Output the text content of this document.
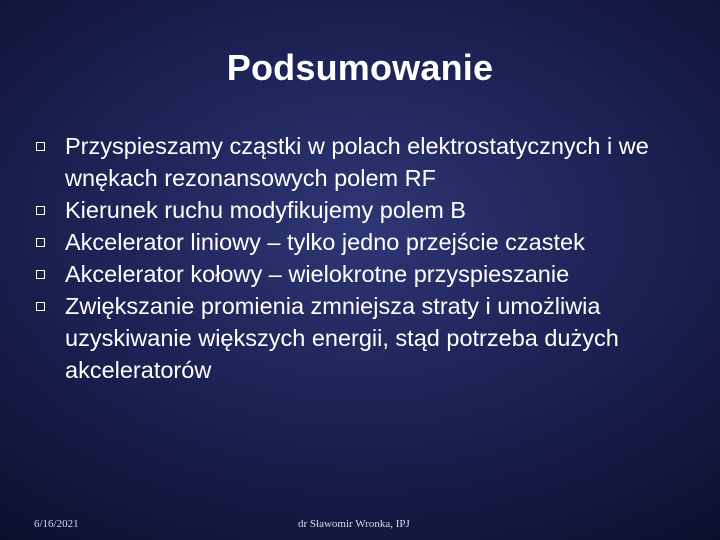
Podsumowanie
Przyspieszamy cząstki w polach elektrostatycznych i we wnękach rezonansowych polem RF
Kierunek ruchu modyfikujemy polem B
Akcelerator liniowy – tylko jedno przejście czastek
Akcelerator kołowy – wielokrotne przyspieszanie
Zwiększanie promienia zmniejsza straty i umożliwia uzyskiwanie większych energii, stąd potrzeba dużych akceleratorów
6/16/2021	dr Sławomir Wronka, IPJ
